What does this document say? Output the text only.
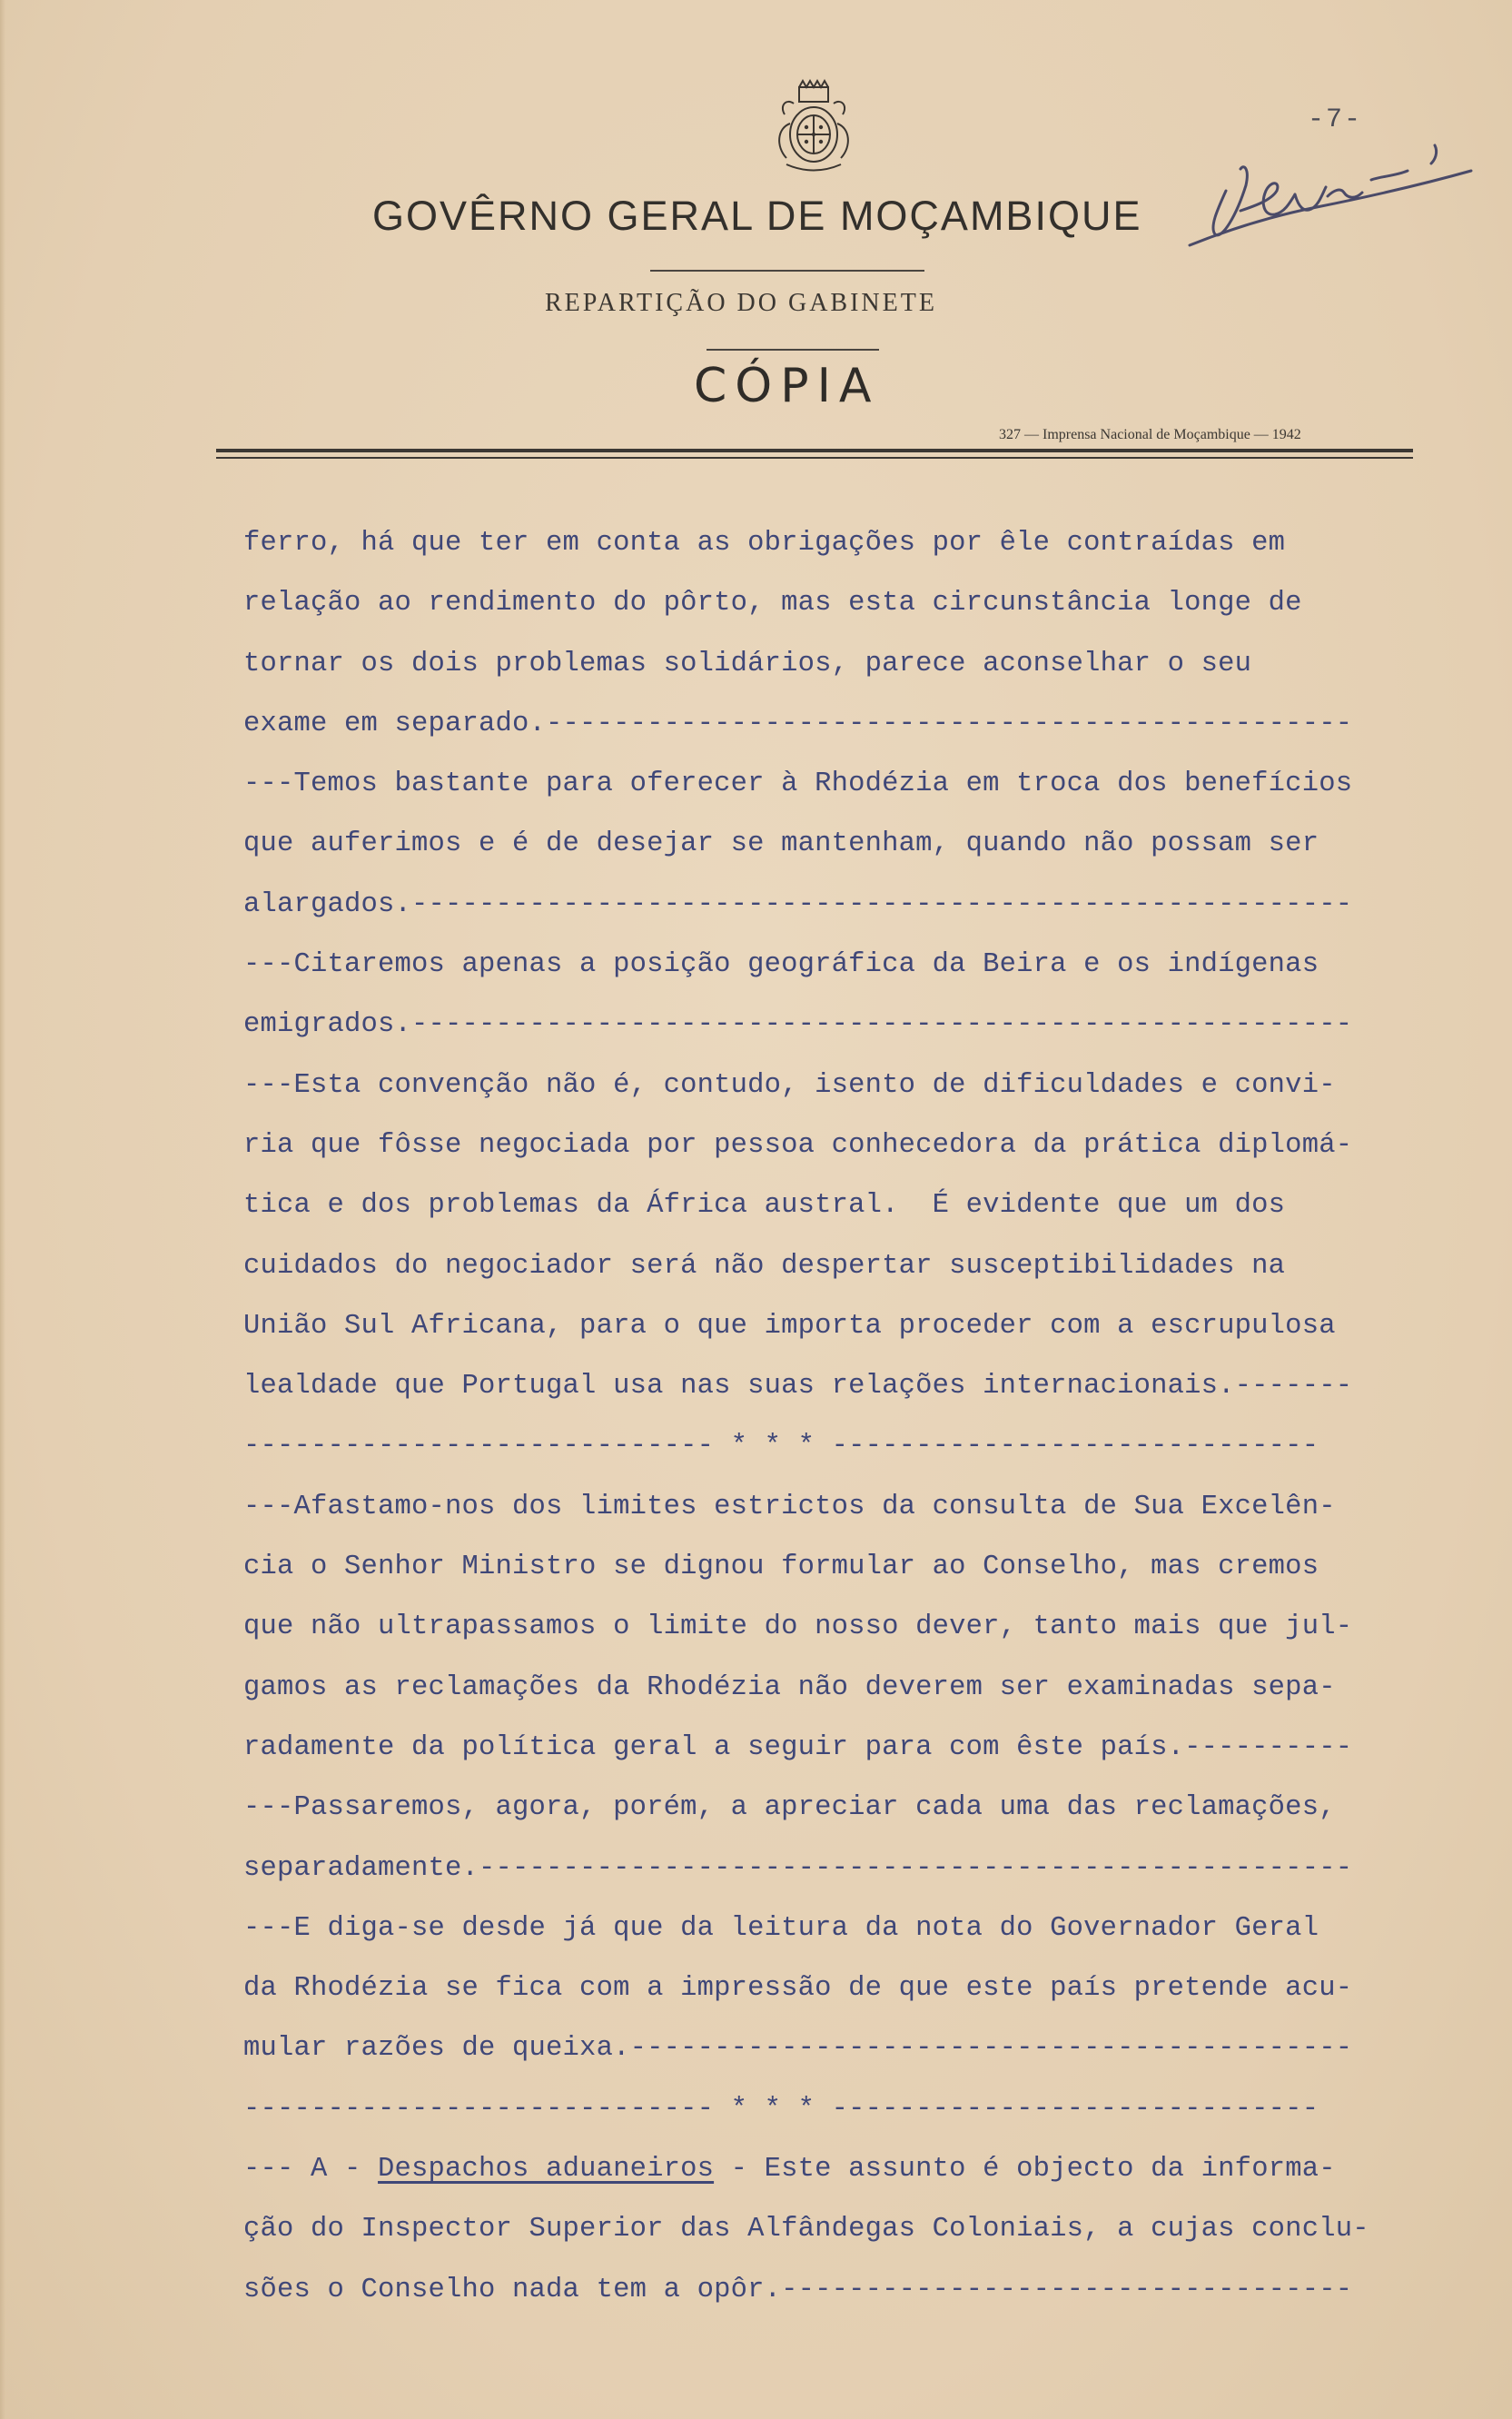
-7-
GOVÊRNO GERAL DE MOÇAMBIQUE
REPARTIÇÃO DO GABINETE
CÓPIA
327 — Imprensa Nacional de Moçambique — 1942
ferro, há que ter em conta as obrigações por êle contraídas em
relação ao rendimento do pôrto, mas esta circunstância longe de
tornar os dois problemas solidários, parece aconselhar o seu
exame em separado.------------------------------------------------
---Temos bastante para oferecer à Rhodézia em troca dos benefícios
que auferimos e é de desejar se mantenham, quando não possam ser
alargados.--------------------------------------------------------
---Citaremos apenas a posição geográfica da Beira e os indígenas
emigrados.--------------------------------------------------------
---Esta convenção não é, contudo, isento de dificuldades e convi-
ria que fôsse negociada por pessoa conhecedora da prática diplomá-
tica e dos problemas da África austral.  É evidente que um dos
cuidados do negociador será não despertar susceptibilidades na
União Sul Africana, para o que importa proceder com a escrupulosa
lealdade que Portugal usa nas suas relações internacionais.-------
---------------------------- * * * -----------------------------
---Afastamo-nos dos limites estrictos da consulta de Sua Excelên-
cia o Senhor Ministro se dignou formular ao Conselho, mas cremos
que não ultrapassamos o limite do nosso dever, tanto mais que jul-
gamos as reclamações da Rhodézia não deverem ser examinadas sepa-
radamente da política geral a seguir para com êste país.----------
---Passaremos, agora, porém, a apreciar cada uma das reclamações,
separadamente.----------------------------------------------------
---E diga-se desde já que da leitura da nota do Governador Geral
da Rhodézia se fica com a impressão de que este país pretende acu-
mular razões de queixa.-------------------------------------------
---------------------------- * * * -----------------------------
--- A - Despachos aduaneiros - Este assunto é objecto da informa-
ção do Inspector Superior das Alfândegas Coloniais, a cujas conclu-
sões o Conselho nada tem a opôr.----------------------------------
